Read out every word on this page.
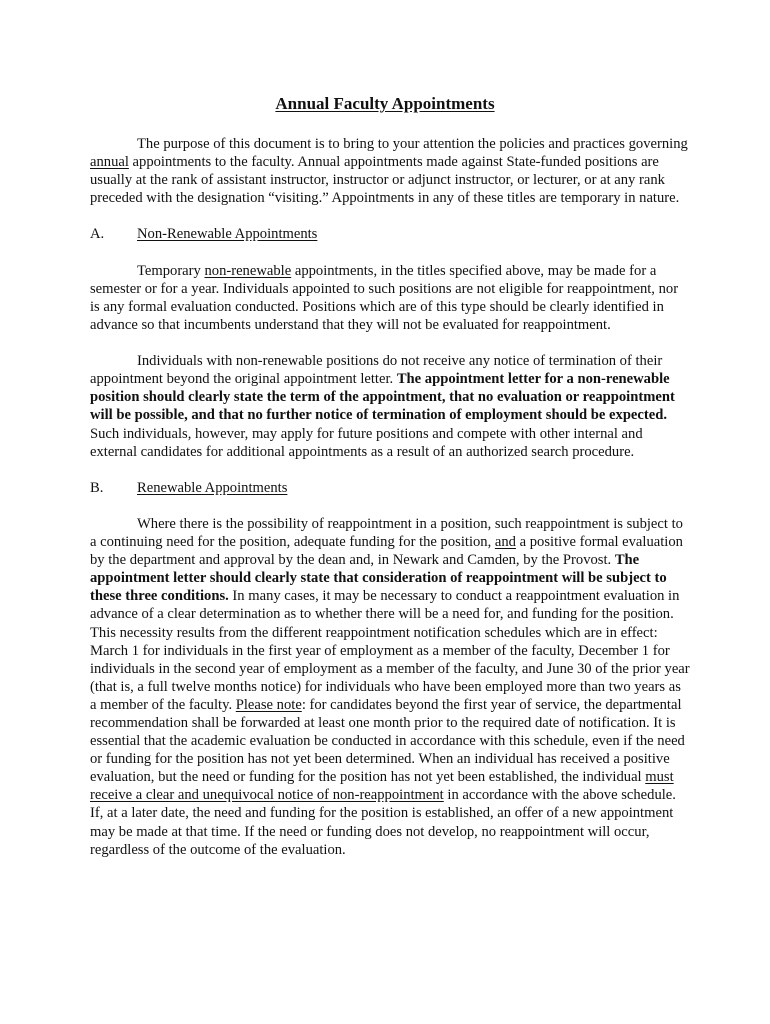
Annual Faculty Appointments

The purpose of this document is to bring to your attention the policies and practices governing annual appointments to the faculty. Annual appointments made against State-funded positions are usually at the rank of assistant instructor, instructor or adjunct instructor, or lecturer, or at any rank preceded with the designation “visiting.” Appointments in any of these titles are temporary in nature.

A.	Non-Renewable Appointments

Temporary non-renewable appointments, in the titles specified above, may be made for a semester or for a year. Individuals appointed to such positions are not eligible for reappointment, nor is any formal evaluation conducted. Positions which are of this type should be clearly identified in advance so that incumbents understand that they will not be evaluated for reappointment.

Individuals with non-renewable positions do not receive any notice of termination of their appointment beyond the original appointment letter. The appointment letter for a non-renewable position should clearly state the term of the appointment, that no evaluation or reappointment will be possible, and that no further notice of termination of employment should be expected. Such individuals, however, may apply for future positions and compete with other internal and external candidates for additional appointments as a result of an authorized search procedure.

B.	Renewable Appointments

Where there is the possibility of reappointment in a position, such reappointment is subject to a continuing need for the position, adequate funding for the position, and a positive formal evaluation by the department and approval by the dean and, in Newark and Camden, by the Provost. The appointment letter should clearly state that consideration of reappointment will be subject to these three conditions. In many cases, it may be necessary to conduct a reappointment evaluation in advance of a clear determination as to whether there will be a need for, and funding for the position. This necessity results from the different reappointment notification schedules which are in effect: March 1 for individuals in the first year of employment as a member of the faculty, December 1 for individuals in the second year of employment as a member of the faculty, and June 30 of the prior year (that is, a full twelve months notice) for individuals who have been employed more than two years as a member of the faculty. Please note: for candidates beyond the first year of service, the departmental recommendation shall be forwarded at least one month prior to the required date of notification. It is essential that the academic evaluation be conducted in accordance with this schedule, even if the need or funding for the position has not yet been determined. When an individual has received a positive evaluation, but the need or funding for the position has not yet been established, the individual must receive a clear and unequivocal notice of non-reappointment in accordance with the above schedule. If, at a later date, the need and funding for the position is established, an offer of a new appointment may be made at that time. If the need or funding does not develop, no reappointment will occur, regardless of the outcome of the evaluation.
